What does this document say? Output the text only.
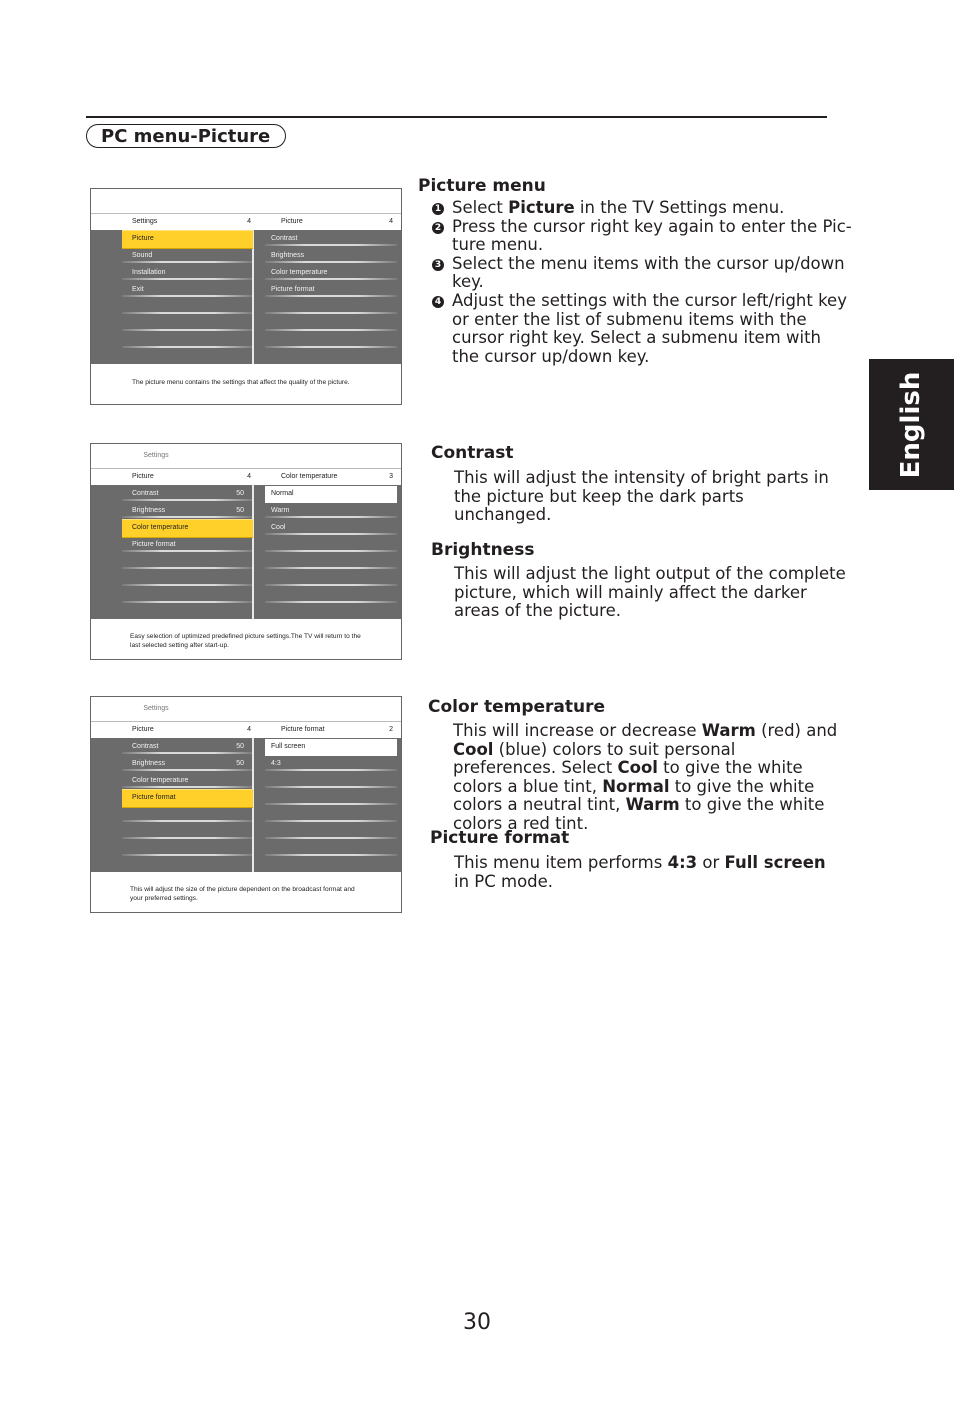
PC menu-Picture
English
Settings	4	Picture	4
Picture
Sound
Installation
Exit
Contrast
Brightness
Color temperature
Picture format
The picture menu contains the settings that affect the quality of the picture.
Settings
Picture	4	Color temperature	3
Contrast	50
Brightness	50
Color temperature
Picture format
Normal
Warm
Cool
Easy selection of uptimized predefined picture settings.The TV will return to the last selected setting after start-up.
Settings
Picture	4	Picture format	2
Contrast	50
Brightness	50
Color temperature
Picture format
Full screen
4:3
This will adjust the size of the picture dependent on the broadcast format and your preferred settings.
Picture menu
1 Select Picture in the TV Settings menu.
2 Press the cursor right key again to enter the Pic-ture menu.
3 Select the menu items with the cursor up/down key.
4 Adjust the settings with the cursor left/right key or enter the list of submenu items with the cursor right key. Select a submenu item with the cursor up/down key.
Contrast

This will adjust the intensity of bright parts in the picture but keep the dark parts unchanged.

Brightness

This will adjust the light output of the complete picture, which will mainly affect the darker areas of the picture.

Color temperature

This will increase or decrease Warm (red) and Cool (blue) colors to suit personal preferences. Select Cool to give the white colors a blue tint, Normal to give the white colors a neutral tint, Warm to give the white colors a red tint.

Picture format

This menu item performs 4:3 or Full screen in PC mode.

30
